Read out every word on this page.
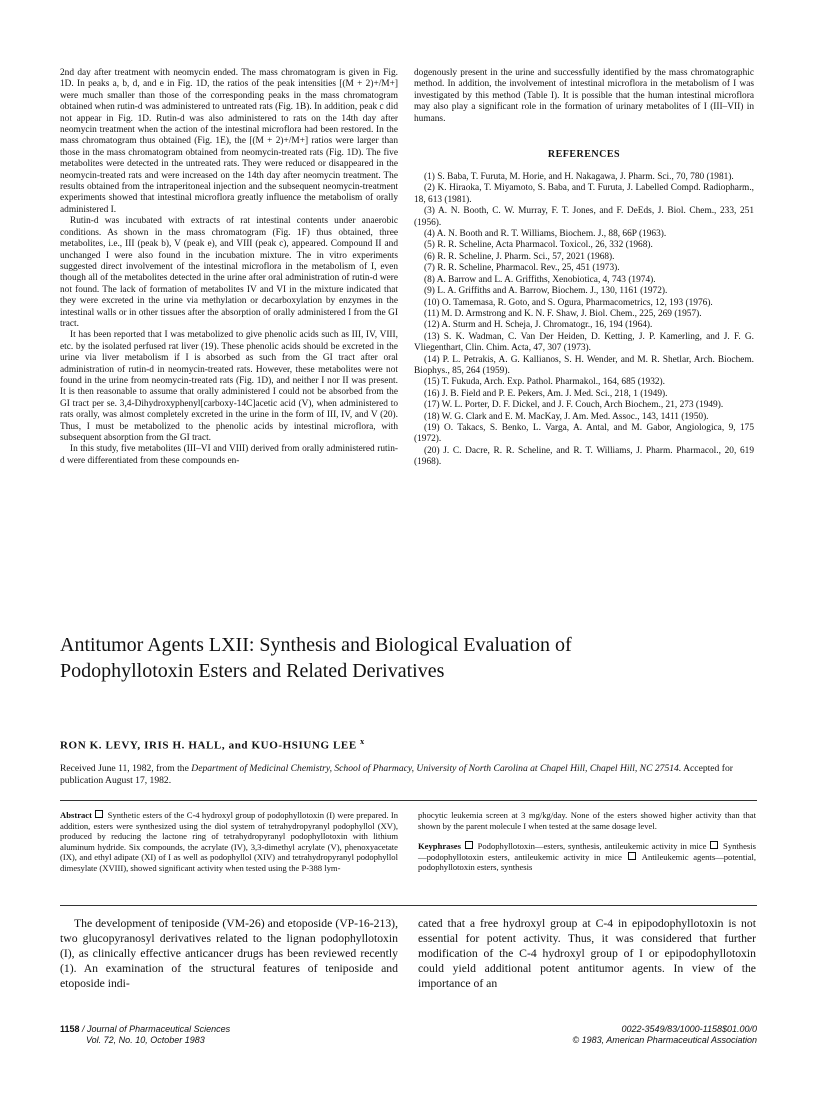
2nd day after treatment with neomycin ended. The mass chromatogram is given in Fig. 1D. In peaks a, b, d, and e in Fig. 1D, the ratios of the peak intensities [(M + 2)+/M+] were much smaller than those of the corresponding peaks in the mass chromatogram obtained when rutin-d was administered to untreated rats (Fig. 1B). In addition, peak c did not appear in Fig. 1D. Rutin-d was also administered to rats on the 14th day after neomycin treatment when the action of the intestinal microflora had been restored. In the mass chromatogram thus obtained (Fig. 1E), the [(M + 2)+/M+] ratios were larger than those in the mass chromatogram obtained from neomycin-treated rats (Fig. 1D). The five metabolites were detected in the untreated rats. They were reduced or disappeared in the neomycin-treated rats and were increased on the 14th day after neomycin treatment. The results obtained from the intraperitoneal injection and the subsequent neomycin-treatment experiments showed that intestinal microflora greatly influence the metabolism of orally administered I.

Rutin-d was incubated with extracts of rat intestinal contents under anaerobic conditions. As shown in the mass chromatogram (Fig. 1F) thus obtained, three metabolites, i.e., III (peak b), V (peak e), and VIII (peak c), appeared. Compound II and unchanged I were also found in the incubation mixture. The in vitro experiments suggested direct involvement of the intestinal microflora in the metabolism of I, even though all of the metabolites detected in the urine after oral administration of rutin-d were not found. The lack of formation of metabolites IV and VI in the mixture indicated that they were excreted in the urine via methylation or decarboxylation by enzymes in the intestinal walls or in other tissues after the absorption of orally administered I from the GI tract.

It has been reported that I was metabolized to give phenolic acids such as III, IV, VIII, etc. by the isolated perfused rat liver (19). These phenolic acids should be excreted in the urine via liver metabolism if I is absorbed as such from the GI tract after oral administration of rutin-d in neomycin-treated rats. However, these metabolites were not found in the urine from neomycin-treated rats (Fig. 1D), and neither I nor II was present. It is then reasonable to assume that orally administered I could not be absorbed from the GI tract per se. 3,4-Dihydroxyphenyl[carboxy-14C]acetic acid (V), when administered to rats orally, was almost completely excreted in the urine in the form of III, IV, and V (20). Thus, I must be metabolized to the phenolic acids by intestinal microflora, with subsequent absorption from the GI tract.

In this study, five metabolites (III–VI and VIII) derived from orally administered rutin-d were differentiated from these compounds en-

dogenously present in the urine and successfully identified by the mass chromatographic method. In addition, the involvement of intestinal microflora in the metabolism of I was investigated by this method (Table I). It is possible that the human intestinal microflora may also play a significant role in the formation of urinary metabolites of I (III–VII) in humans.

REFERENCES

(1) S. Baba, T. Furuta, M. Horie, and H. Nakagawa, J. Pharm. Sci., 70, 780 (1981).

(2) K. Hiraoka, T. Miyamoto, S. Baba, and T. Furuta, J. Labelled Compd. Radiopharm., 18, 613 (1981).

(3) A. N. Booth, C. W. Murray, F. T. Jones, and F. DeEds, J. Biol. Chem., 233, 251 (1956).

(4) A. N. Booth and R. T. Williams, Biochem. J., 88, 66P (1963).

(5) R. R. Scheline, Acta Pharmacol. Toxicol., 26, 332 (1968).

(6) R. R. Scheline, J. Pharm. Sci., 57, 2021 (1968).

(7) R. R. Scheline, Pharmacol. Rev., 25, 451 (1973).

(8) A. Barrow and L. A. Griffiths, Xenobiotica, 4, 743 (1974).

(9) L. A. Griffiths and A. Barrow, Biochem. J., 130, 1161 (1972).

(10) O. Tamemasa, R. Goto, and S. Ogura, Pharmacometrics, 12, 193 (1976).

(11) M. D. Armstrong and K. N. F. Shaw, J. Biol. Chem., 225, 269 (1957).

(12) A. Sturm and H. Scheja, J. Chromatogr., 16, 194 (1964).

(13) S. K. Wadman, C. Van Der Heiden, D. Ketting, J. P. Kamerling, and J. F. G. Vliegenthart, Clin. Chim. Acta, 47, 307 (1973).

(14) P. L. Petrakis, A. G. Kallianos, S. H. Wender, and M. R. Shetlar, Arch. Biochem. Biophys., 85, 264 (1959).

(15) T. Fukuda, Arch. Exp. Pathol. Pharmakol., 164, 685 (1932).

(16) J. B. Field and P. E. Pekers, Am. J. Med. Sci., 218, 1 (1949).

(17) W. L. Porter, D. F. Dickel, and J. F. Couch, Arch Biochem., 21, 273 (1949).

(18) W. G. Clark and E. M. MacKay, J. Am. Med. Assoc., 143, 1411 (1950).

(19) O. Takacs, S. Benko, L. Varga, A. Antal, and M. Gabor, Angiologica, 9, 175 (1972).

(20) J. C. Dacre, R. R. Scheline, and R. T. Williams, J. Pharm. Pharmacol., 20, 619 (1968).

Antitumor Agents LXII: Synthesis and Biological Evaluation of Podophyllotoxin Esters and Related Derivatives
RON K. LEVY, IRIS H. HALL, and KUO-HSIUNG LEE $^x$
Received June 11, 1982, from the Department of Medicinal Chemistry, School of Pharmacy, University of North Carolina at Chapel Hill, Chapel Hill, NC 27514. Accepted for publication August 17, 1982.
Abstract Synthetic esters of the C-4 hydroxyl group of podophyllotoxin (I) were prepared. In addition, esters were synthesized using the diol system of tetrahydropyranyl podophyllol (XV), produced by reducing the lactone ring of tetrahydropyranyl podophyllotoxin with lithium aluminum hydride. Six compounds, the acrylate (IV), 3,3-dimethyl acrylate (V), phenoxyacetate (IX), and ethyl adipate (XI) of I as well as podophyllol (XIV) and tetrahydropyranyl podophyllol dimesylate (XVIII), showed significant activity when tested using the P-388 lym-
phocytic leukemia screen at 3 mg/kg/day. None of the esters showed higher activity than that shown by the parent molecule I when tested at the same dosage level.
Keyphrases Podophyllotoxin—esters, synthesis, antileukemic activity in mice Synthesis—podophyllotoxin esters, antileukemic activity in mice Antileukemic agents—potential, podophyllotoxin esters, synthesis

The development of teniposide (VM-26) and etoposide (VP-16-213), two glucopyranosyl derivatives related to the lignan podophyllotoxin (I), as clinically effective anticancer drugs has been reviewed recently (1). An examination of the structural features of teniposide and etoposide indi-

cated that a free hydroxyl group at C-4 in epipodophyllotoxin is not essential for potent activity. Thus, it was considered that further modification of the C-4 hydroxyl group of I or epipodophyllotoxin could yield additional potent antitumor agents. In view of the importance of an

1158 / Journal of Pharmaceutical Sciences
Vol. 72, No. 10, October 1983
0022-3549/83/1000-1158$01.00/0
© 1983, American Pharmaceutical Association
